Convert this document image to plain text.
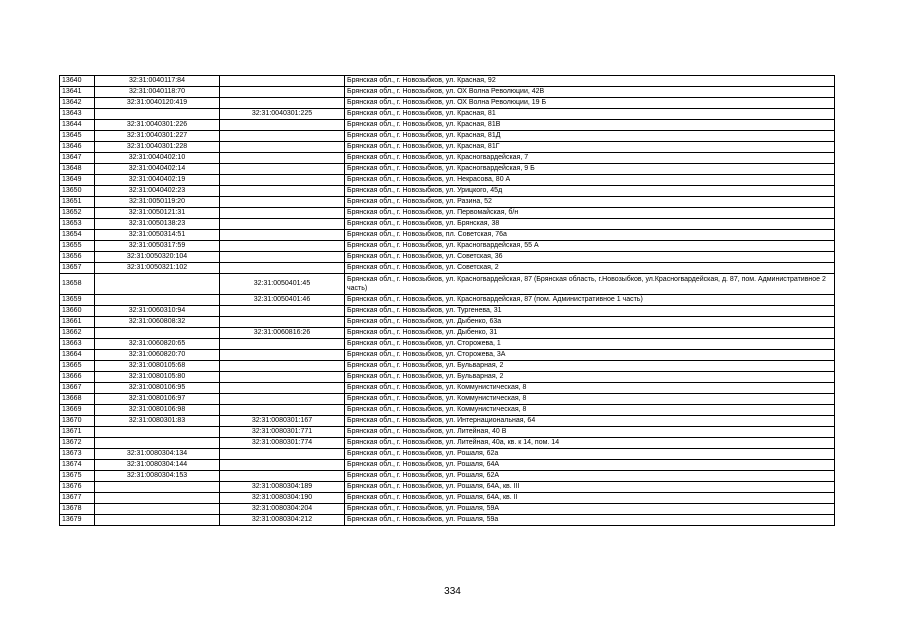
13640	32:31:0040117:84		Брянская обл., г. Новозыбков, ул. Красная, 92
13641	32:31:0040118:70		Брянская обл., г. Новозыбков, ул. ОХ Волна Революции, 42В
13642	32:31:0040120:419		Брянская обл., г. Новозыбков, ул. ОХ Волна Революции, 19 Б
13643		32:31:0040301:225	Брянская обл., г. Новозыбков, ул. Красная, 81
13644	32:31:0040301:226		Брянская обл., г. Новозыбков, ул. Красная, 81В
13645	32:31:0040301:227		Брянская обл., г. Новозыбков, ул. Красная, 81Д
13646	32:31:0040301:228		Брянская обл., г. Новозыбков, ул. Красная, 81Г
13647	32:31:0040402:10		Брянская обл., г. Новозыбков, ул. Красногвардейская, 7
13648	32:31:0040402:14		Брянская обл., г. Новозыбков, ул. Красногвардейская, 9 Б
13649	32:31:0040402:19		Брянская обл., г. Новозыбков, ул. Некрасова, 80 А
13650	32:31:0040402:23		Брянская обл., г. Новозыбков, ул. Урицкого, 45д
13651	32:31:0050119:20		Брянская обл., г. Новозыбков, ул. Разина, 52
13652	32:31:0050121:31		Брянская обл., г. Новозыбков, ул. Первомайская, б/н
13653	32:31:0050138:23		Брянская обл., г. Новозыбков, ул. Брянская, 38
13654	32:31:0050314:51		Брянская обл., г. Новозыбков, пл. Советская, 76а
13655	32:31:0050317:59		Брянская обл., г. Новозыбков, ул. Красногвардейская, 55 А
13656	32:31:0050320:104		Брянская обл., г. Новозыбков, ул. Советская, 36
13657	32:31:0050321:102		Брянская обл., г. Новозыбков, ул. Советская, 2
13658		32:31:0050401:45	Брянская обл., г. Новозыбков, ул. Красногвардейская, 87 (Брянская область, г.Новозыбков, ул.Красногвардейская, д. 87, пом. Административное 2 часть)
13659		32:31:0050401:46	Брянская обл., г. Новозыбков, ул. Красногвардейская, 87 (пом. Административное 1 часть)
13660	32:31:0060310:94		Брянская обл., г. Новозыбков, ул. Тургенева, 31
13661	32:31:0060808:32		Брянская обл., г. Новозыбков, ул. Дыбенко, 63а
13662		32:31:0060816:26	Брянская обл., г. Новозыбков, ул. Дыбенко, 31
13663	32:31:0060820:65		Брянская обл., г. Новозыбков, ул. Сторожева, 1
13664	32:31:0060820:70		Брянская обл., г. Новозыбков, ул. Сторожева, 3А
13665	32:31:0080105:68		Брянская обл., г. Новозыбков, ул. Бульварная, 2
13666	32:31:0080105:80		Брянская обл., г. Новозыбков, ул. Бульварная, 2
13667	32:31:0080106:95		Брянская обл., г. Новозыбков, ул. Коммунистическая, 8
13668	32:31:0080106:97		Брянская обл., г. Новозыбков, ул. Коммунистическая, 8
13669	32:31:0080106:98		Брянская обл., г. Новозыбков, ул. Коммунистическая, 8
13670	32:31:0080301:83	32:31:0080301:167	Брянская обл., г. Новозыбков, ул. Интернациональная, 64
13671		32:31:0080301:771	Брянская обл., г. Новозыбков, ул. Литейная, 40 В
13672		32:31:0080301:774	Брянская обл., г. Новозыбков, ул. Литейная, 40а, кв. к 14, пом. 14
13673	32:31:0080304:134		Брянская обл., г. Новозыбков, ул. Рошаля, 62а
13674	32:31:0080304:144		Брянская обл., г. Новозыбков, ул. Рошаля, 64А
13675	32:31:0080304:153		Брянская обл., г. Новозыбков, ул. Рошаля, 62А
13676		32:31:0080304:189	Брянская обл., г. Новозыбков, ул. Рошаля, 64А, кв. III
13677		32:31:0080304:190	Брянская обл., г. Новозыбков, ул. Рошаля, 64А, кв. II
13678		32:31:0080304:204	Брянская обл., г. Новозыбков, ул. Рошаля, 59А
13679		32:31:0080304:212	Брянская обл., г. Новозыбков, ул. Рошаля, 59а
334
